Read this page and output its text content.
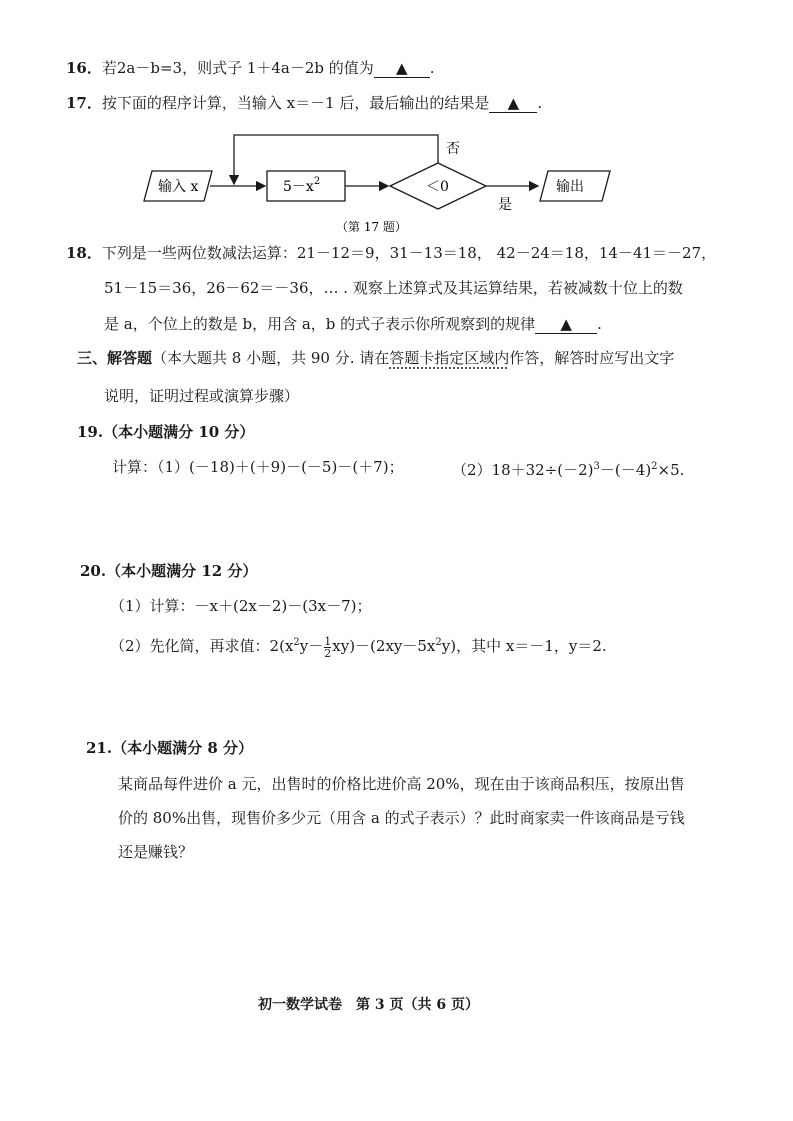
16．若2a－b=3，则式子 1＋4a－2b 的值为 ▲ .
17．按下面的程序计算，当输入 x＝－1 后，最后输出的结果是 ▲ .
输入 x	$5-x^2$	＜0
否
是
输出
（第 17 题）
18．下列是一些两位数减法运算：21－12＝9，31－13＝18， 42－24＝18，14－41＝－27，
51－15＝36，26－62＝－36，… . 观察上述算式及其运算结果，若被减数十位上的数
是 a，个位上的数是 b，用含 a，b 的式子表示你所观察到的规律 ▲ .
三、解答题（本大题共 8 小题，共 90 分. 请在答题卡指定区域内作答，解答时应写出文字
说明，证明过程或演算步骤）
19.（本小题满分 10 分）
计算：（1）(－18)＋(＋9)－(－5)－(＋7)；	$(2)18+32\div(-2)^3-(-4)^2\times 5$.
20.（本小题满分 12 分）
（1）计算：－x＋(2x－2)－(3x－7)；
（2）先化简，再求值：$2(x^2y- \frac{1}{2} xy)-(2xy-5x^2y)$，其中 x＝－1，y＝2.
21.（本小题满分 8 分）
某商品每件进价 a 元，出售时的价格比进价高 20%，现在由于该商品积压，按原出售
价的 80%出售，现售价多少元（用含 a 的式子表示）？此时商家卖一件该商品是亏钱
还是赚钱？
初一数学试卷　第 3 页（共 6 页）
